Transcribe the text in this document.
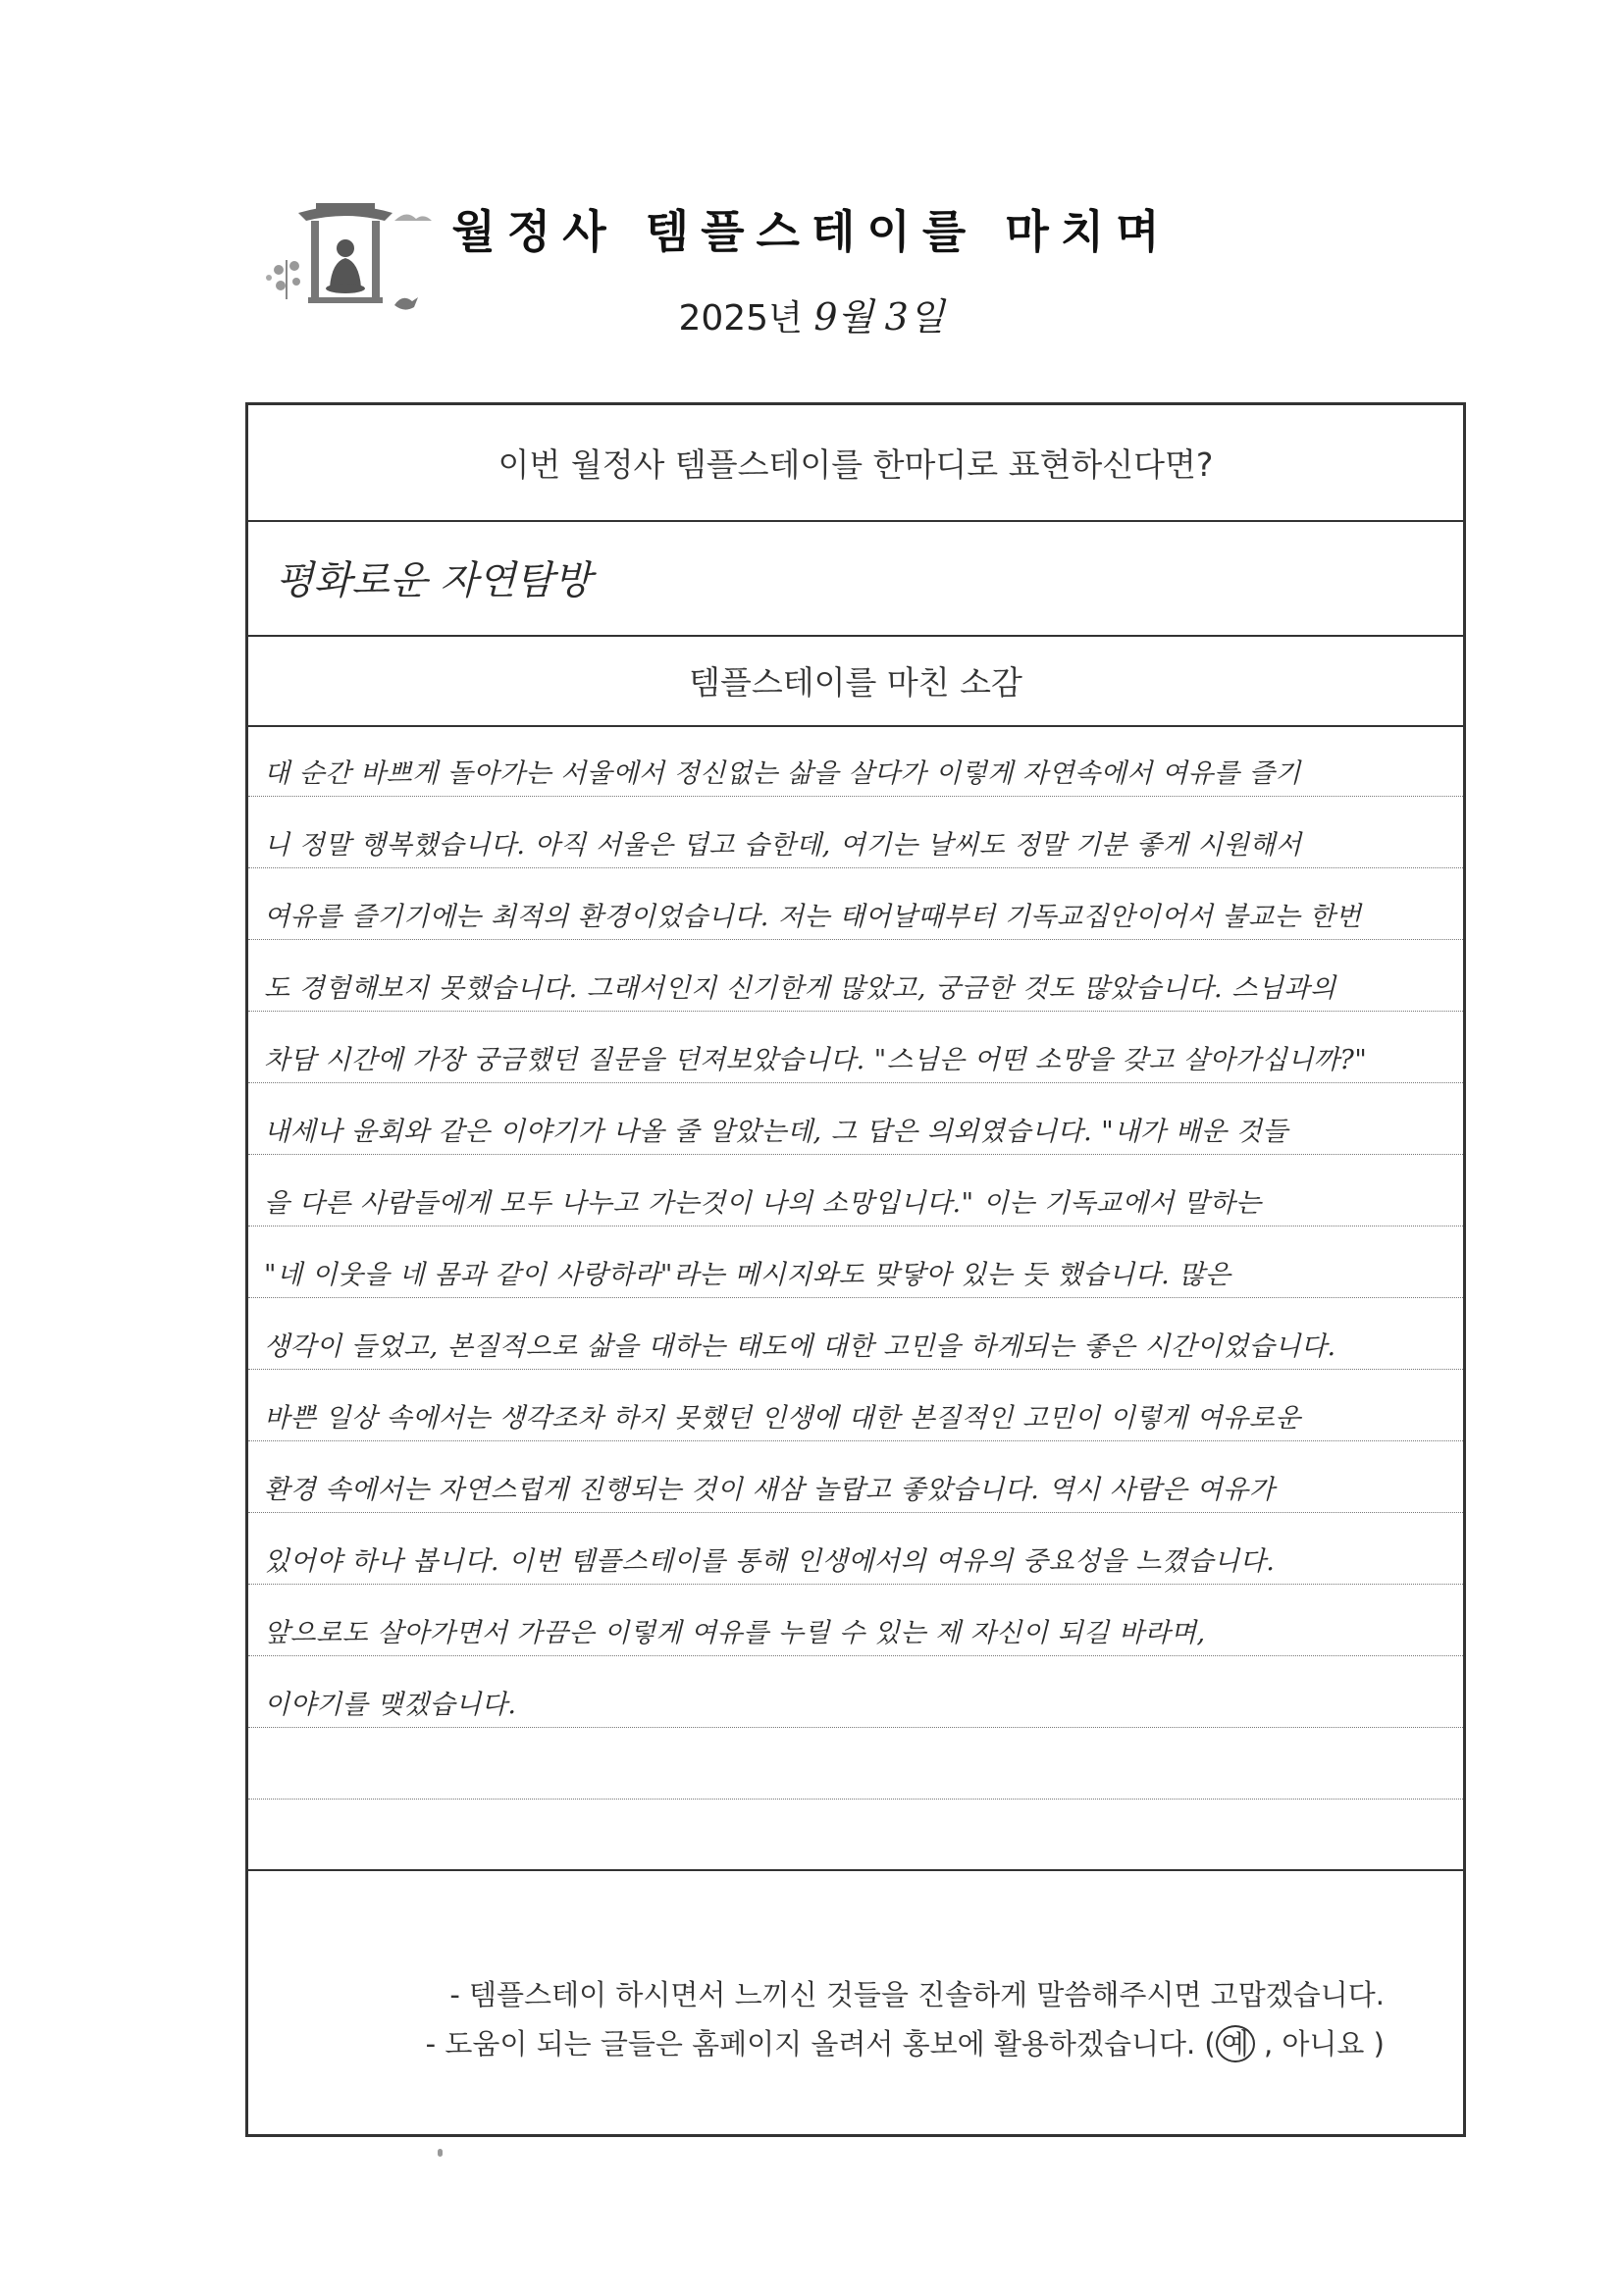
월정사 템플스테이를 마치며
2025년 9월 3일
이번 월정사 템플스테이를 한마디로 표현하신다면?
평화로운 자연탐방
템플스테이를 마친 소감
대 순간 바쁘게 돌아가는 서울에서 정신없는 삶을 살다가 이렇게 자연속에서 여유를 즐기
니 정말 행복했습니다. 아직 서울은 덥고 습한데, 여기는 날씨도 정말 기분 좋게 시원해서
여유를 즐기기에는 최적의 환경이었습니다. 저는 태어날때부터 기독교집안이어서 불교는 한번
도 경험해보지 못했습니다. 그래서인지 신기한게 많았고, 궁금한 것도 많았습니다. 스님과의
차담 시간에 가장 궁금했던 질문을 던져보았습니다. "스님은 어떤 소망을 갖고 살아가십니까?"
내세나 윤회와 같은 이야기가 나올 줄 알았는데, 그 답은 의외였습니다. "내가 배운 것들
을 다른 사람들에게 모두 나누고 가는것이 나의 소망입니다." 이는 기독교에서 말하는
"네 이웃을 네 몸과 같이 사랑하라"라는 메시지와도 맞닿아 있는 듯 했습니다. 많은
생각이 들었고, 본질적으로 삶을 대하는 태도에 대한 고민을 하게되는 좋은 시간이었습니다.
바쁜 일상 속에서는 생각조차 하지 못했던 인생에 대한 본질적인 고민이 이렇게 여유로운
환경 속에서는 자연스럽게 진행되는 것이 새삼 놀랍고 좋았습니다. 역시 사람은 여유가
있어야 하나 봅니다. 이번 템플스테이를 통해 인생에서의 여유의 중요성을 느꼈습니다.
앞으로도 살아가면서 가끔은 이렇게 여유를 누릴 수 있는 제 자신이 되길 바라며,
이야기를 맺겠습니다.
- 템플스테이 하시면서 느끼신 것들을 진솔하게 말씀해주시면 고맙겠습니다.
- 도움이 되는 글들은 홈페이지 올려서 홍보에 활용하겠습니다. ( 예 , 아니요 )
